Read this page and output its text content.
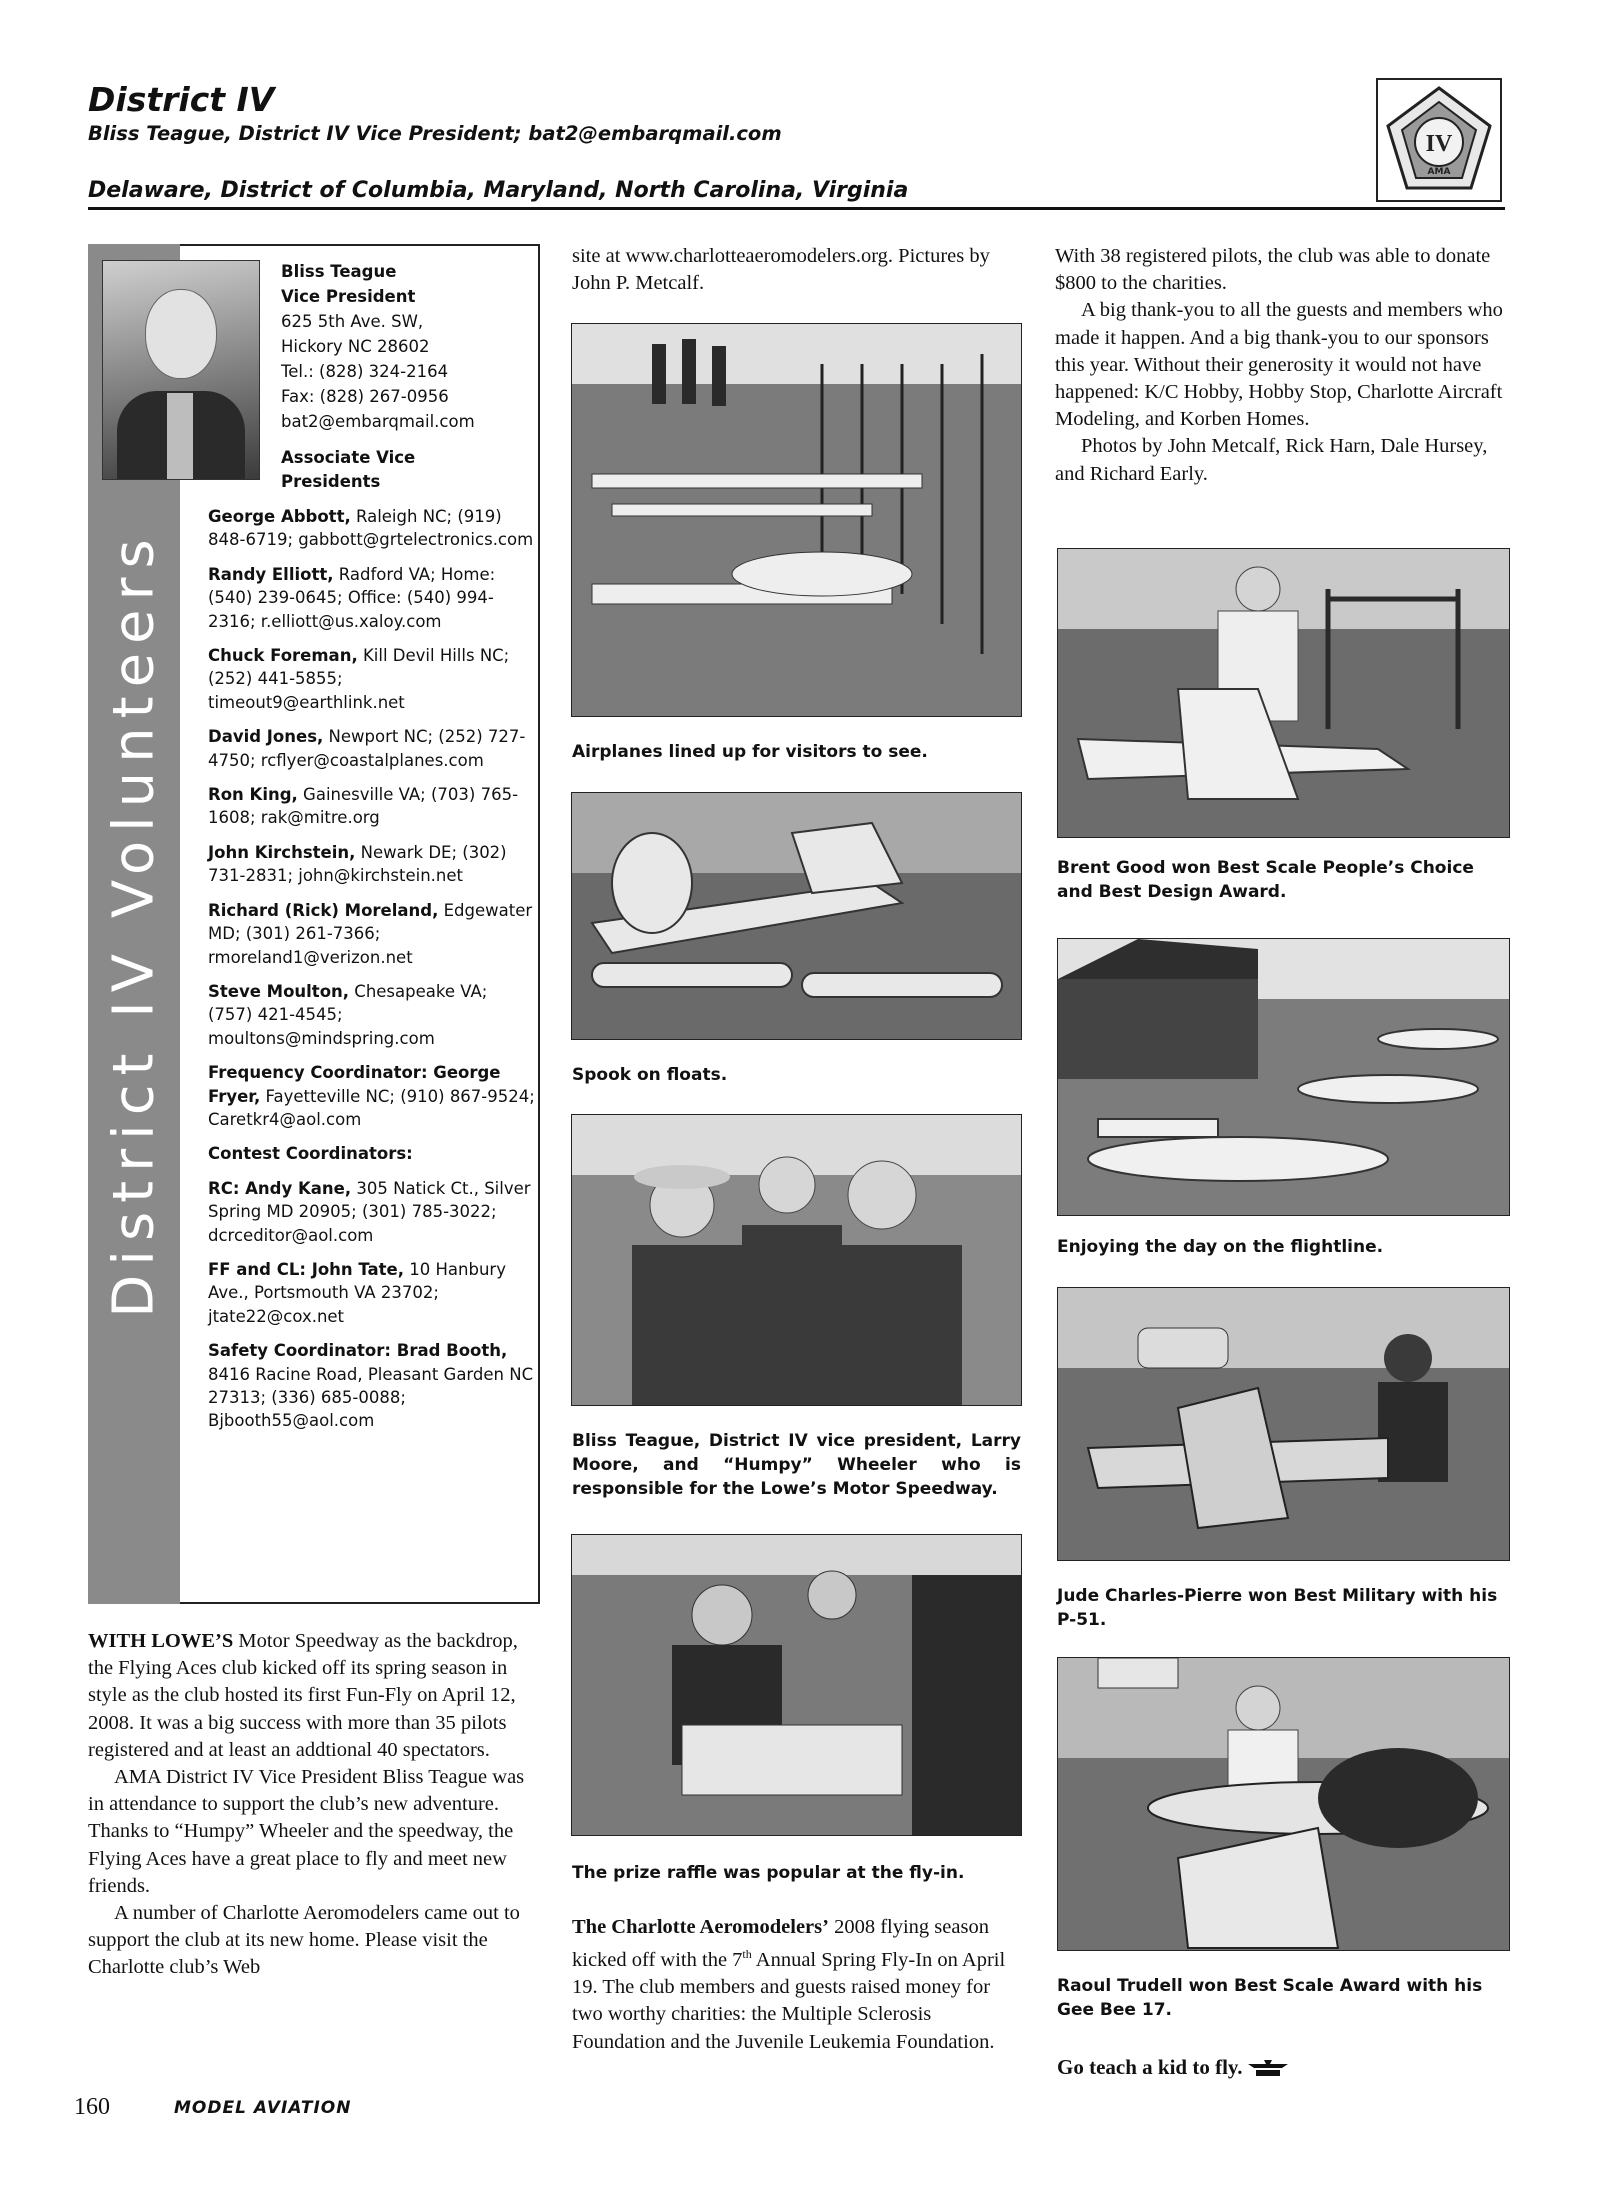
District IV
Bliss Teague, District IV Vice President; bat2@embarqmail.com
Delaware, District of Columbia, Maryland, North Carolina, Virginia
IV
AMA
District IV Volunteers
Bliss Teague
Vice President
625 5th Ave. SW,
Hickory NC 28602
Tel.: (828) 324-2164
Fax: (828) 267-0956
bat2@embarqmail.com
Associate Vice Presidents

George Abbott, Raleigh NC; (919) 848-6719; gabbott@grtelectronics.com

Randy Elliott, Radford VA; Home: (540) 239-0645; Office: (540) 994-2316; r.elliott@us.xaloy.com

Chuck Foreman, Kill Devil Hills NC; (252) 441-5855; timeout9@earthlink.net

David Jones, Newport NC; (252) 727-4750; rcflyer@coastalplanes.com

Ron King, Gainesville VA; (703) 765-1608; rak@mitre.org

John Kirchstein, Newark DE; (302) 731-2831; john@kirchstein.net

Richard (Rick) Moreland, Edgewater MD; (301) 261-7366; rmoreland1@verizon.net

Steve Moulton, Chesapeake VA; (757) 421-4545; moultons@mindspring.com

Frequency Coordinator: George Fryer, Fayetteville NC; (910) 867-9524; Caretkr4@aol.com

Contest Coordinators:

RC: Andy Kane, 305 Natick Ct., Silver Spring MD 20905; (301) 785-3022; dcrceditor@aol.com

FF and CL: John Tate, 10 Hanbury Ave., Portsmouth VA 23702; jtate22@cox.net

Safety Coordinator: Brad Booth, 8416 Racine Road, Pleasant Garden NC 27313; (336) 685-0088; Bjbooth55@aol.com

WITH LOWE’S Motor Speedway as the backdrop, the Flying Aces club kicked off its spring season in style as the club hosted its first Fun-Fly on April 12, 2008. It was a big success with more than 35 pilots registered and at least an addtional 40 spectators.

AMA District IV Vice President Bliss Teague was in attendance to support the club’s new adventure. Thanks to “Humpy” Wheeler and the speedway, the Flying Aces have a great place to fly and meet new friends.

A number of Charlotte Aeromodelers came out to support the club at its new home. Please visit the Charlotte club’s Web

site at www.charlotteaeromodelers.org. Pictures by John P. Metcalf.
Airplanes lined up for visitors to see.
Spook on floats.
Bliss Teague, District IV vice president, Larry Moore, and “Humpy” Wheeler who is responsible for the Lowe’s Motor Speedway.
The prize raffle was popular at the fly-in.

The Charlotte Aeromodelers’ 2008 flying season kicked off with the 7th Annual Spring Fly-In on April 19. The club members and guests raised money for two worthy charities: the Multiple Sclerosis Foundation and the Juvenile Leukemia Foundation.

With 38 registered pilots, the club was able to donate $800 to the charities.

A big thank-you to all the guests and members who made it happen. And a big thank-you to our sponsors this year. Without their generosity it would not have happened: K/C Hobby, Hobby Stop, Charlotte Aircraft Modeling, and Korben Homes.

Photos by John Metcalf, Rick Harn, Dale Hursey, and Richard Early.

Brent Good won Best Scale People’s Choice and Best Design Award.
Enjoying the day on the flightline.
Jude Charles-Pierre won Best Military with his P-51.
Raoul Trudell won Best Scale Award with his Gee Bee 17.
Go teach a kid to fly.
160	MODEL AVIATION
